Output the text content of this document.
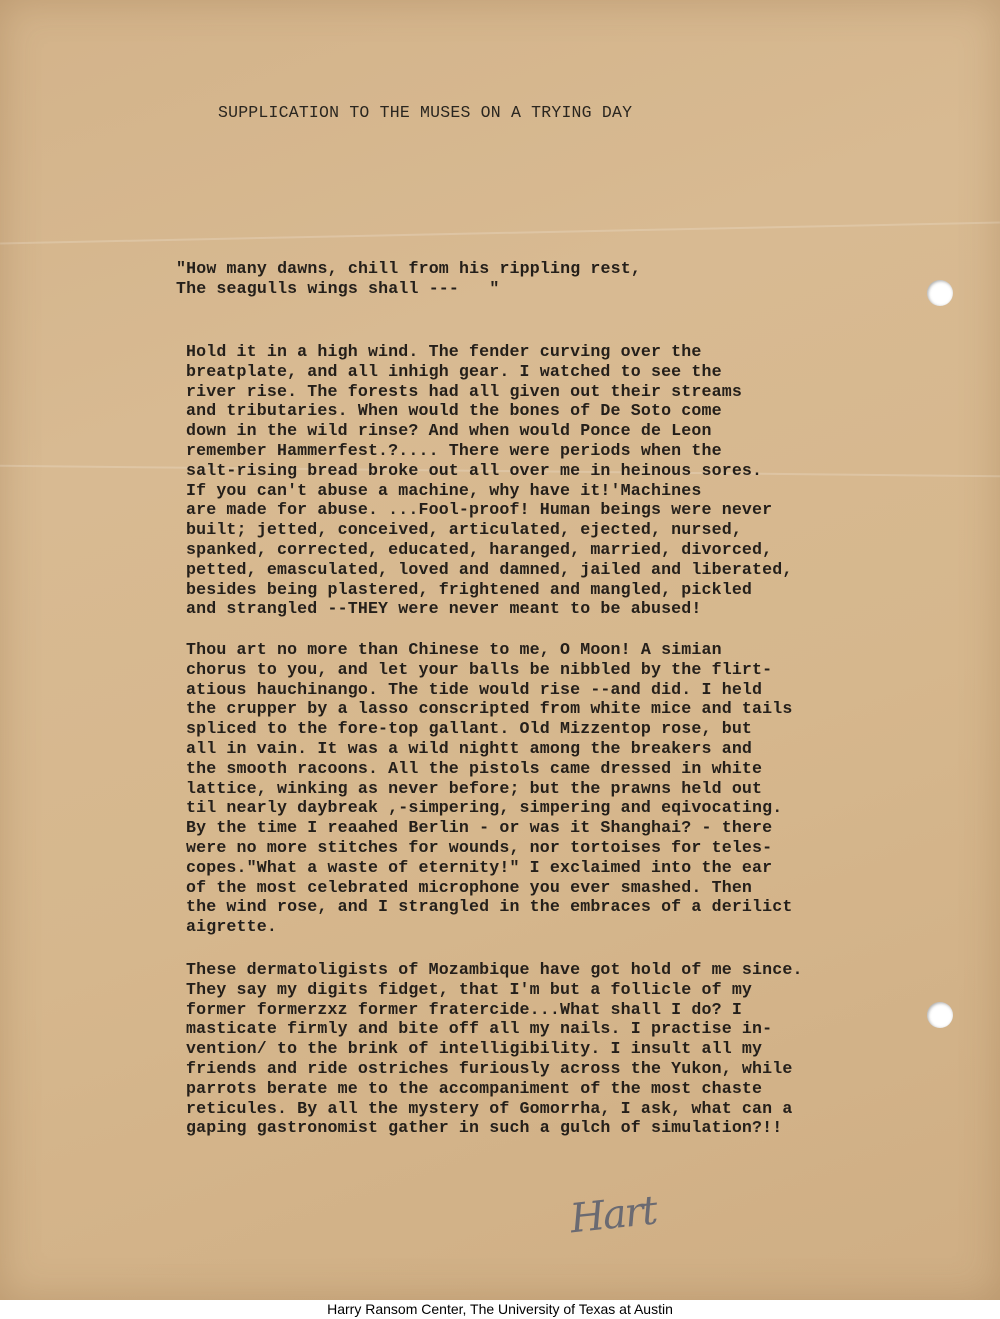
SUPPLICATION TO THE MUSES ON A TRYING DAY
"How many dawns, chill from his rippling rest,
The seagulls wings shall ---   "
Hold it in a high wind. The fender curving over the
breatplate, and all inhigh gear. I watched to see the
river rise. The forests had all given out their streams
and tributaries. When would the bones of De Soto come
down in the wild rinse? And when would Ponce de Leon
remember Hammerfest.?.... There were periods when the
salt-rising bread broke out all over me in heinous sores.
If you can't abuse a machine, why have it!'Machines
are made for abuse. ...Fool-proof! Human beings were never
built; jetted, conceived, articulated, ejected, nursed,
spanked, corrected, educated, haranged, married, divorced,
petted, emasculated, loved and damned, jailed and liberated,
besides being plastered, frightened and mangled, pickled
and strangled --THEY were never meant to be abused!
Thou art no more than Chinese to me, O Moon! A simian
chorus to you, and let your balls be nibbled by the flirt-
atious hauchinango. The tide would rise --and did. I held
the crupper by a lasso conscripted from white mice and tails
spliced to the fore-top gallant. Old Mizzentop rose, but
all in vain. It was a wild nightt among the breakers and
the smooth racoons. All the pistols came dressed in white
lattice, winking as never before; but the prawns held out
til nearly daybreak ,-simpering, simpering and eqivocating.
By the time I reaahed Berlin - or was it Shanghai? - there
were no more stitches for wounds, nor tortoises for teles-
copes."What a waste of eternity!" I exclaimed into the ear
of the most celebrated microphone you ever smashed. Then
the wind rose, and I strangled in the embraces of a derilict
aigrette.
These dermatoligists of Mozambique have got hold of me since.
They say my digits fidget, that I'm but a follicle of my
former formerzxz former fratercide...What shall I do? I
masticate firmly and bite off all my nails. I practise in-
vention/ to the brink of intelligibility. I insult all my
friends and ride ostriches furiously across the Yukon, while
parrots berate me to the accompaniment of the most chaste
reticules. By all the mystery of Gomorrha, I ask, what can a
gaping gastronomist gather in such a gulch of simulation?!!
Hart
Harry Ransom Center, The University of Texas at Austin
